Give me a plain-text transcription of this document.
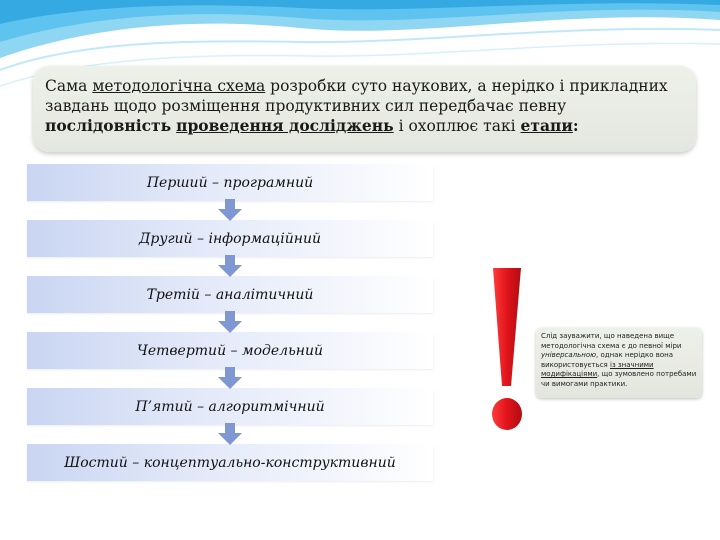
Сама методологічна схема розробки суто наукових, а нерідко і прикладних завдань щодо розміщення продуктивних сил передбачає певну послідовність проведення досліджень і охоплює такі етапи:
Перший – програмний
Другий – інформаційний
Третій – аналітичний
Четвертий – модельний
П’ятий – алгоритмічний
Шостий – концептуально-конструктивний
Слід зауважити, що наведена вище методологічна схема є до певної міри універсальною, однак нерідко вона використовується із значними модифікаціями, що зумовлено потребами чи вимогами практики.
